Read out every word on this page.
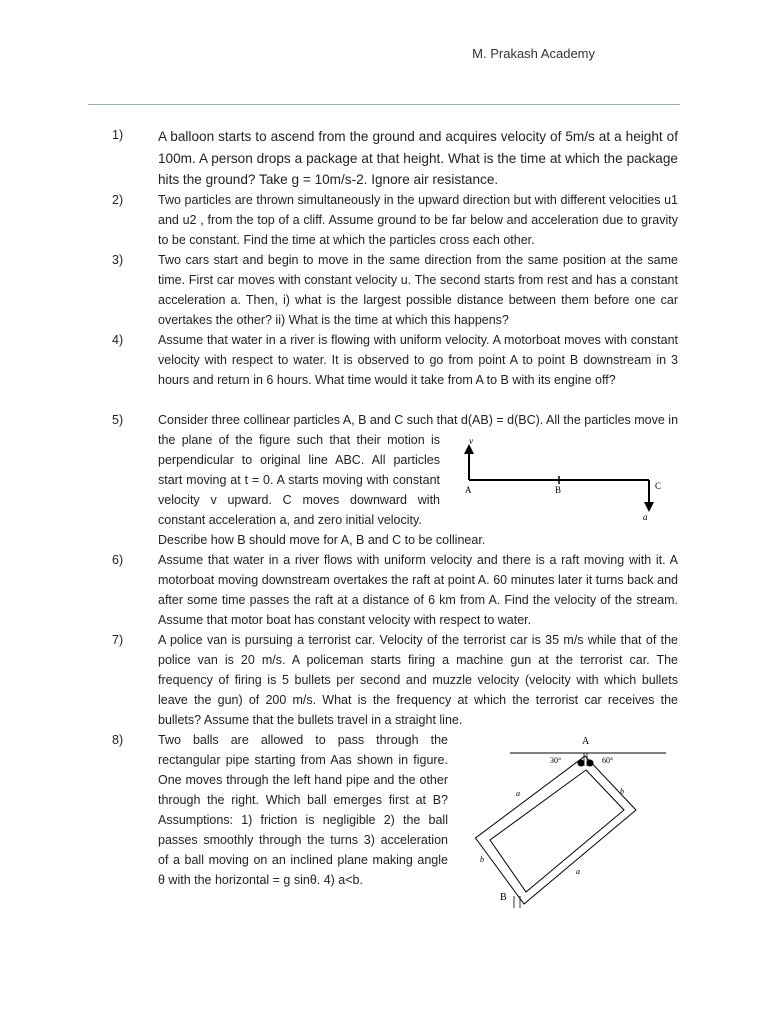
M. Prakash Academy
1)	A balloon starts to ascend from the ground and acquires velocity of 5m/s at a height of 100m. A person drops a package at that height. What is the time at which the package hits the ground? Take g = 10m/s-2. Ignore air resistance.
2)	Two particles are thrown simultaneously in the upward direction but with different velocities u1 and u2 , from the top of a cliff. Assume ground to be far below and acceleration due to gravity to be constant. Find the time at which the particles cross each other.
3)	Two cars start and begin to move in the same direction from the same position at the same time. First car moves with constant velocity u. The second starts from rest and has a constant acceleration a. Then, i) what is the largest possible distance between them before one car overtakes the other? ii) What is the time at which this happens?
4)	Assume that water in a river is flowing with uniform velocity. A motorboat moves with constant velocity with respect to water. It is observed to go from point A to point B downstream in 3 hours and return in 6 hours. What time would it take from A to B with its engine off?
5)	Consider three collinear particles A, B and C such that d(AB) = d(BC). All the particles move in
the plane of the figure such that their motion is perpendicular to original line ABC. All particles start moving at t = 0. A starts moving with constant velocity v upward. C moves downward with constant acceleration a, and zero initial velocity.
Describe how B should move for A, B and C to be collinear.
v
A	B	C
a
6)	Assume that water in a river flows with uniform velocity and there is a raft moving with it. A motorboat moving downstream overtakes the raft at point A. 60 minutes later it turns back and after some time passes the raft at a distance of 6 km from A. Find the velocity of the stream. Assume that motor boat has constant velocity with respect to water.
7)	A police van is pursuing a terrorist car. Velocity of the terrorist car is 35 m/s while that of the police van is 20 m/s. A policeman starts firing a machine gun at the terrorist car. The frequency of firing is 5 bullets per second and muzzle velocity (velocity with which bullets leave the gun) of 200 m/s. What is the frequency at which the terrorist car receives the bullets? Assume that the bullets travel in a straight line.
8)	Two balls are allowed to pass through the rectangular pipe starting from Aas shown in figure. One moves through the left hand pipe and the other through the right. Which ball emerges first at B? Assumptions: 1) friction is negligible 2) the ball passes smoothly through the turns 3) acceleration of a ball moving on an inclined plane making angle θ with the horizontal = g sinθ. 4) a<b.
A
30°	60°
a	b
b
a
B
